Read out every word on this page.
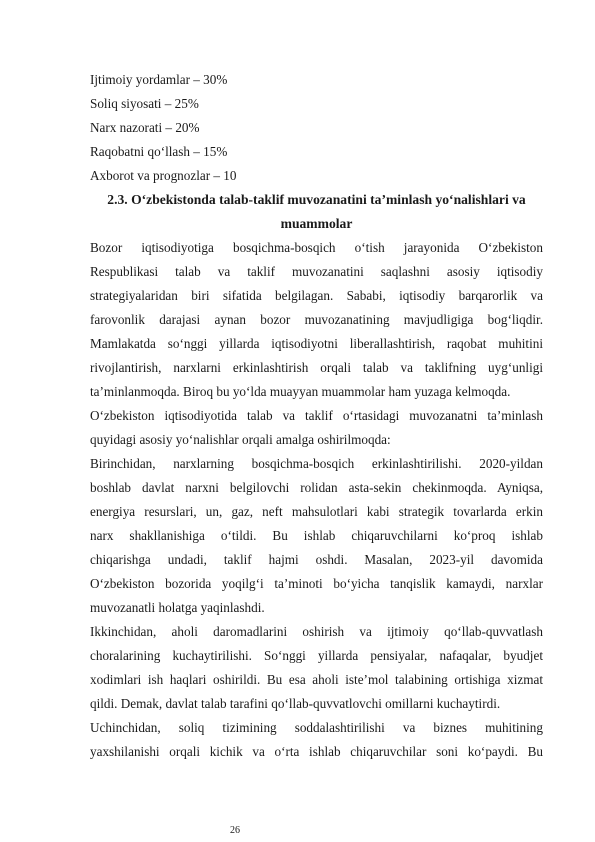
Ijtimoiy yordamlar – 30%
Soliq siyosati – 25%
Narx nazorati – 20%
Raqobatni qo‘llash – 15%
Axborot va prognozlar – 10
2.3. O‘zbekistonda talab-taklif muvozanatini ta’minlash yo‘nalishlari va
muammolar
Bozor iqtisodiyotiga bosqichma-bosqich o‘tish jarayonida O‘zbekiston
Respublikasi talab va taklif muvozanatini saqlashni asosiy iqtisodiy
strategiyalaridan biri sifatida belgilagan. Sababi, iqtisodiy barqarorlik va
farovonlik darajasi aynan bozor muvozanatining mavjudligiga bog‘liqdir.
Mamlakatda so‘nggi yillarda iqtisodiyotni liberallashtirish, raqobat muhitini
rivojlantirish, narxlarni erkinlashtirish orqali talab va taklifning uyg‘unligi
ta’minlanmoqda. Biroq bu yo‘lda muayyan muammolar ham yuzaga kelmoqda.
O‘zbekiston iqtisodiyotida talab va taklif o‘rtasidagi muvozanatni ta’minlash
quyidagi asosiy yo‘nalishlar orqali amalga oshirilmoqda:
Birinchidan, narxlarning bosqichma-bosqich erkinlashtirilishi. 2020-yildan
boshlab davlat narxni belgilovchi rolidan asta-sekin chekinmoqda. Ayniqsa,
energiya resurslari, un, gaz, neft mahsulotlari kabi strategik tovarlarda erkin
narx shakllanishiga o‘tildi. Bu ishlab chiqaruvchilarni ko‘proq ishlab
chiqarishga undadi, taklif hajmi oshdi. Masalan, 2023-yil davomida
O‘zbekiston bozorida yoqilg‘i ta’minoti bo‘yicha tanqislik kamaydi, narxlar
muvozanatli holatga yaqinlashdi.
Ikkinchidan, aholi daromadlarini oshirish va ijtimoiy qo‘llab-quvvatlash
choralarining kuchaytirilishi. So‘nggi yillarda pensiyalar, nafaqalar, byudjet
xodimlari ish haqlari oshirildi. Bu esa aholi iste’mol talabining ortishiga xizmat
qildi. Demak, davlat talab tarafini qo‘llab-quvvatlovchi omillarni kuchaytirdi.
Uchinchidan, soliq tizimining soddalashtirilishi va biznes muhitining
yaxshilanishi orqali kichik va o‘rta ishlab chiqaruvchilar soni ko‘paydi. Bu
26
